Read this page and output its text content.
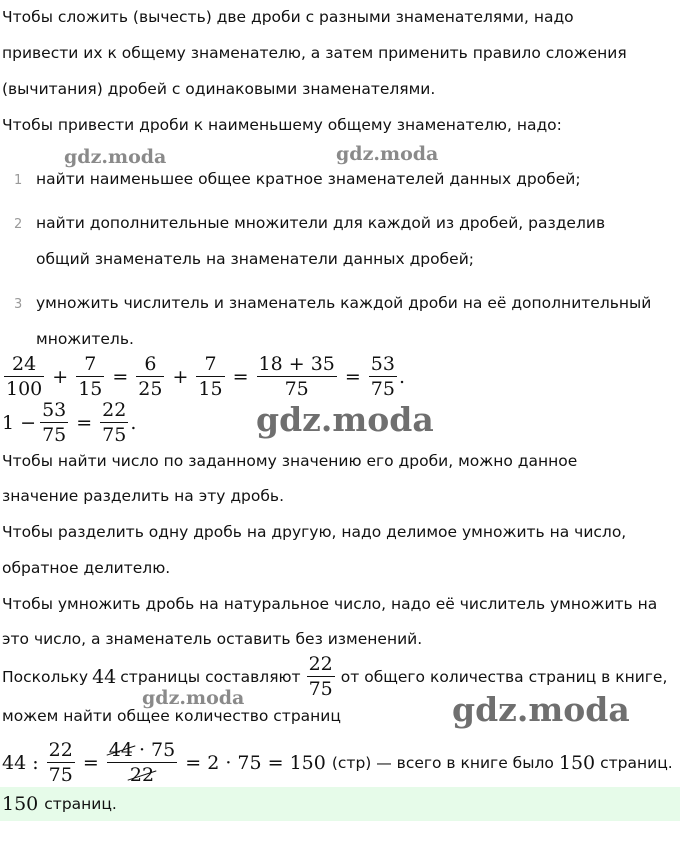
Чтобы сложить (вычесть) две дроби с разными знаменателями, надо
привести их к общему знаменателю, а затем применить правило сложения
(вычитания) дробей с одинаковыми знаменателями.
Чтобы привести дроби к наименьшему общему знаменателю, надо:
gdz.moda	gdz.moda
1 найти наименьшее общее кратное знаменателей данных дробей;
2 найти дополнительные множители для каждой из дробей, разделив
общий знаменатель на знаменатели данных дробей;
3 умножить числитель и знаменатель каждой дроби на её дополнительный
множитель.
$\frac{24}{100} + \frac{7}{15} = \frac{6}{25} + \frac{7}{15} = \frac{18 + 35}{75} = \frac{53}{75}$ .
$1 - \frac{53}{75} = \frac{22}{75}$ .	gdz.moda
Чтобы найти число по заданному значению его дроби, можно данное
значение разделить на эту дробь.
Чтобы разделить одну дробь на другую, надо делимое умножить на число,
обратное делителю.
Чтобы умножить дробь на натуральное число, надо её числитель умножить на
это число, а знаменатель оставить без изменений.
Поскольку 44 страницы составляют $\frac{22}{75}$ от общего количества страниц в книге,
gdz.moda
можем найти общее количество страниц	gdz.moda
44 : $\frac{22}{75} = \frac{44 \cdot 75}{22} = 2 \cdot 75 = 150$ (стр) — всего в книге было 150 страниц.
150 страниц.
